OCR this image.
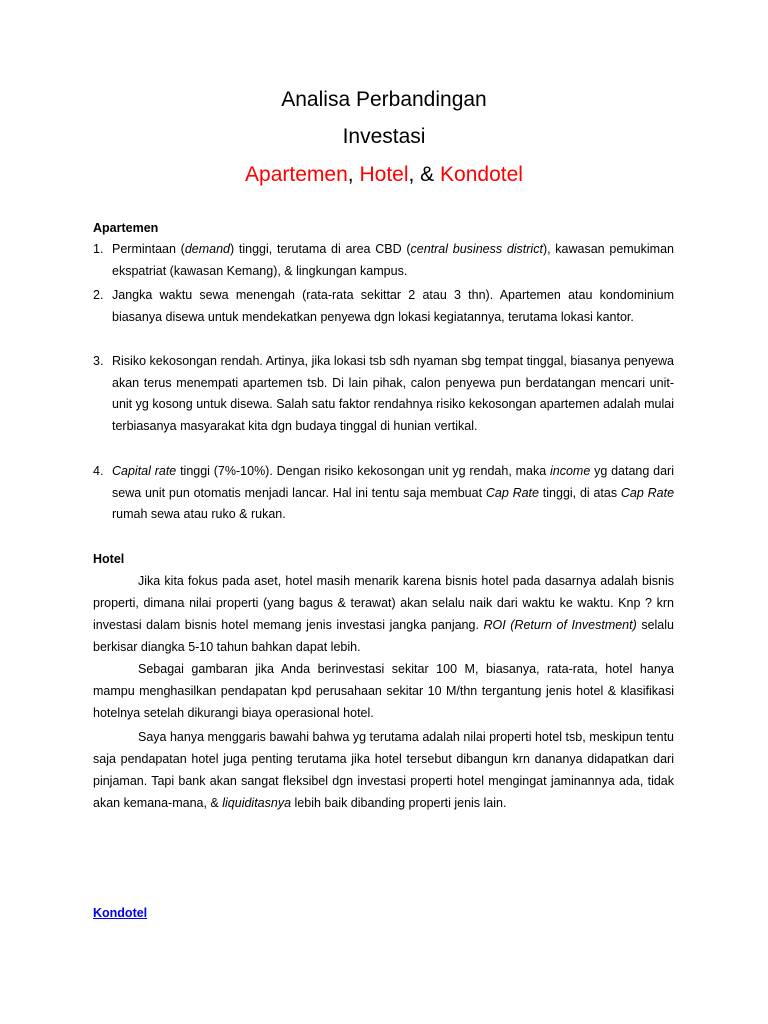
Analisa Perbandingan
Investasi
Apartemen, Hotel, & Kondotel
Apartemen
1. Permintaan (demand) tinggi, terutama di area CBD (central business district), kawasan pemukiman ekspatriat (kawasan Kemang), & lingkungan kampus.
2. Jangka waktu sewa menengah (rata-rata sekittar 2 atau 3 thn). Apartemen atau kondominium biasanya disewa untuk mendekatkan penyewa dgn lokasi kegiatannya, terutama lokasi kantor.
3. Risiko kekosongan rendah. Artinya, jika lokasi tsb sdh nyaman sbg tempat tinggal, biasanya penyewa akan terus menempati apartemen tsb. Di lain pihak, calon penyewa pun berdatangan mencari unit-unit yg kosong untuk disewa. Salah satu faktor rendahnya risiko kekosongan apartemen adalah mulai terbiasanya masyarakat kita dgn budaya tinggal di hunian vertikal.
4. Capital rate tinggi (7%-10%). Dengan risiko kekosongan unit yg rendah, maka income yg datang dari sewa unit pun otomatis menjadi lancar. Hal ini tentu saja membuat Cap Rate tinggi, di atas Cap Rate rumah sewa atau ruko & rukan.
Hotel
Jika kita fokus pada aset, hotel masih menarik karena bisnis hotel pada dasarnya adalah bisnis properti, dimana nilai properti (yang bagus & terawat) akan selalu naik dari waktu ke waktu. Knp ? krn investasi dalam bisnis hotel memang jenis investasi jangka panjang. ROI (Return of Investment) selalu berkisar diangka 5-10 tahun bahkan dapat lebih.
Sebagai gambaran jika Anda berinvestasi sekitar 100 M, biasanya, rata-rata, hotel hanya mampu menghasilkan pendapatan kpd perusahaan sekitar 10 M/thn tergantung jenis hotel & klasifikasi hotelnya setelah dikurangi biaya operasional hotel.
Saya hanya menggaris bawahi bahwa yg terutama adalah nilai properti hotel tsb, meskipun tentu saja pendapatan hotel juga penting terutama jika hotel tersebut dibangun krn dananya didapatkan dari pinjaman. Tapi bank akan sangat fleksibel dgn investasi properti hotel mengingat jaminannya ada, tidak akan kemana-mana, & liquiditasnya lebih baik dibanding properti jenis lain.
Kondotel
